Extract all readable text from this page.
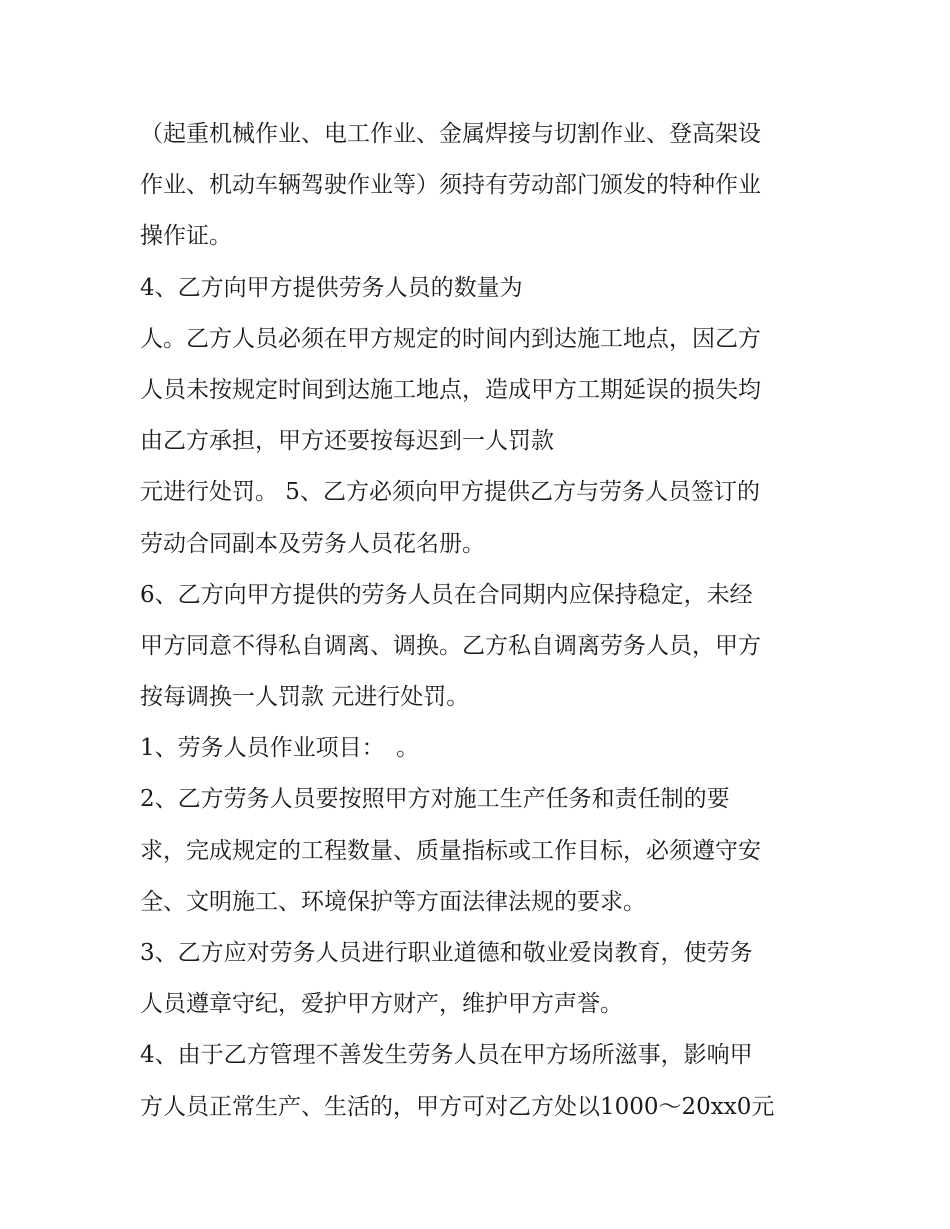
（起重机械作业、电工作业、金属焊接与切割作业、登高架设
作业、机动车辆驾驶作业等）须持有劳动部门颁发的特种作业
操作证。
4、乙方向甲方提供劳务人员的数量为
人。乙方人员必须在甲方规定的时间内到达施工地点，因乙方
人员未按规定时间到达施工地点，造成甲方工期延误的损失均
由乙方承担，甲方还要按每迟到一人罚款
元进行处罚。 5、乙方必须向甲方提供乙方与劳务人员签订的
劳动合同副本及劳务人员花名册。
6、乙方向甲方提供的劳务人员在合同期内应保持稳定，未经
甲方同意不得私自调离、调换。乙方私自调离劳务人员，甲方
按每调换一人罚款 元进行处罚。
1、劳务人员作业项目：　。
2、乙方劳务人员要按照甲方对施工生产任务和责任制的要
求，完成规定的工程数量、质量指标或工作目标，必须遵守安
全、文明施工、环境保护等方面法律法规的要求。
3、乙方应对劳务人员进行职业道德和敬业爱岗教育，使劳务
人员遵章守纪，爱护甲方财产，维护甲方声誉。
4、由于乙方管理不善发生劳务人员在甲方场所滋事，影响甲
方人员正常生产、生活的，甲方可对乙方处以1000～20xx0元
